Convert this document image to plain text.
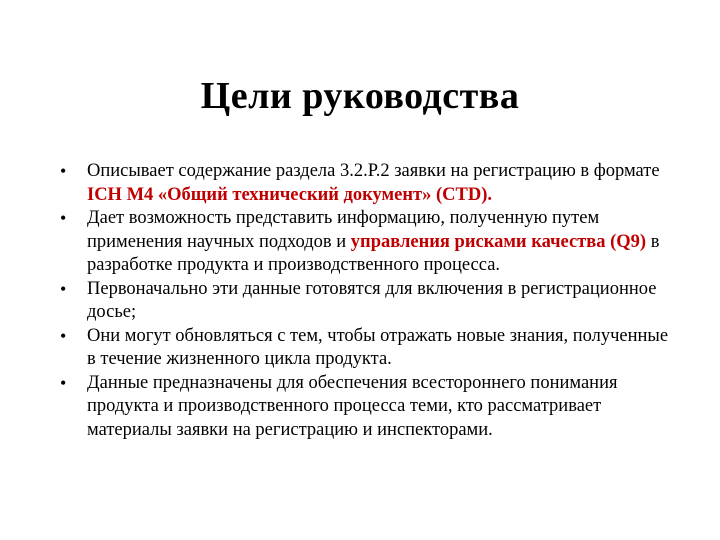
Цели руководства
• Описывает содержание раздела 3.2.Р.2 заявки на регистрацию в формате ICH M4 «Общий технический документ» (CTD).
• Дает возможность представить информацию, полученную путем применения научных подходов и управления рисками качества (Q9) в разработке продукта и производственного процесса.
• Первоначально эти данные готовятся для включения в регистрационное досье;
• Они могут обновляться с тем, чтобы отражать новые знания, полученные в течение жизненного цикла продукта.
• Данные предназначены для обеспечения всестороннего понимания продукта и производственного процесса теми, кто рассматривает материалы заявки на регистрацию и инспекторами.
